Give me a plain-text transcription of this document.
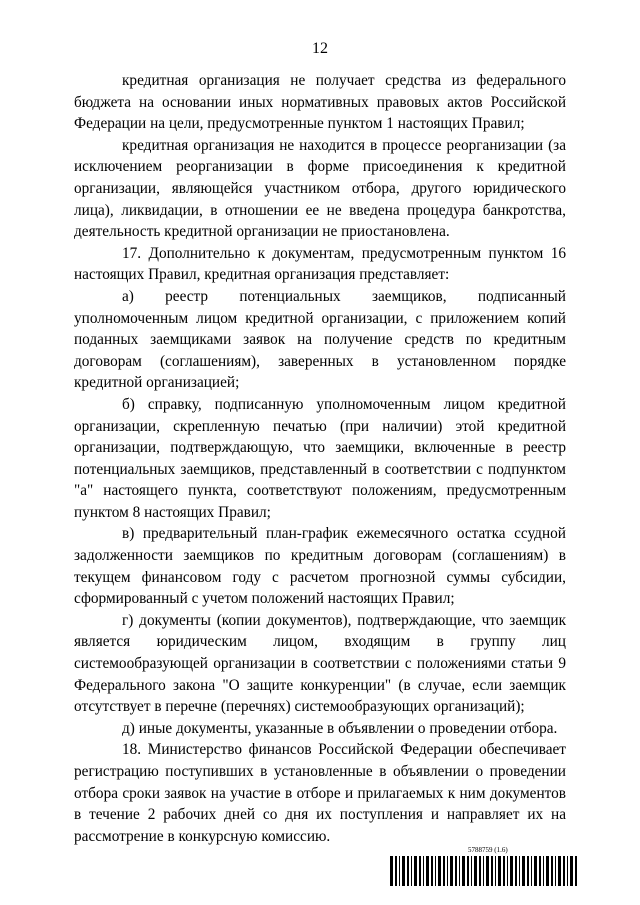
12

кредитная организация не получает средства из федерального бюджета на основании иных нормативных правовых актов Российской Федерации на цели, предусмотренные пунктом 1 настоящих Правил;

кредитная организация не находится в процессе реорганизации (за исключением реорганизации в форме присоединения к кредитной организации, являющейся участником отбора, другого юридического лица), ликвидации, в отношении ее не введена процедура банкротства, деятельность кредитной организации не приостановлена.

17. Дополнительно к документам, предусмотренным пунктом 16 настоящих Правил, кредитная организация представляет:

а) реестр потенциальных заемщиков, подписанный уполномоченным лицом кредитной организации, с приложением копий поданных заемщиками заявок на получение средств по кредитным договорам (соглашениям), заверенных в установленном порядке кредитной организацией;

б) справку, подписанную уполномоченным лицом кредитной организации, скрепленную печатью (при наличии) этой кредитной организации, подтверждающую, что заемщики, включенные в реестр потенциальных заемщиков, представленный в соответствии с подпунктом "а" настоящего пункта, соответствуют положениям, предусмотренным пунктом 8 настоящих Правил;

в) предварительный план-график ежемесячного остатка ссудной задолженности заемщиков по кредитным договорам (соглашениям) в текущем финансовом году с расчетом прогнозной суммы субсидии, сформированный с учетом положений настоящих Правил;

г) документы (копии документов), подтверждающие, что заемщик является юридическим лицом, входящим в группу лиц системообразующей организации в соответствии с положениями статьи 9 Федерального закона "О защите конкуренции" (в случае, если заемщик отсутствует в перечне (перечнях) системообразующих организаций);

д) иные документы, указанные в объявлении о проведении отбора.

18. Министерство финансов Российской Федерации обеспечивает регистрацию поступивших в установленные в объявлении о проведении отбора сроки заявок на участие в отборе и прилагаемых к ним документов в течение 2 рабочих дней со дня их поступления и направляет их на рассмотрение в конкурсную комиссию.

5788759 (1.6)
